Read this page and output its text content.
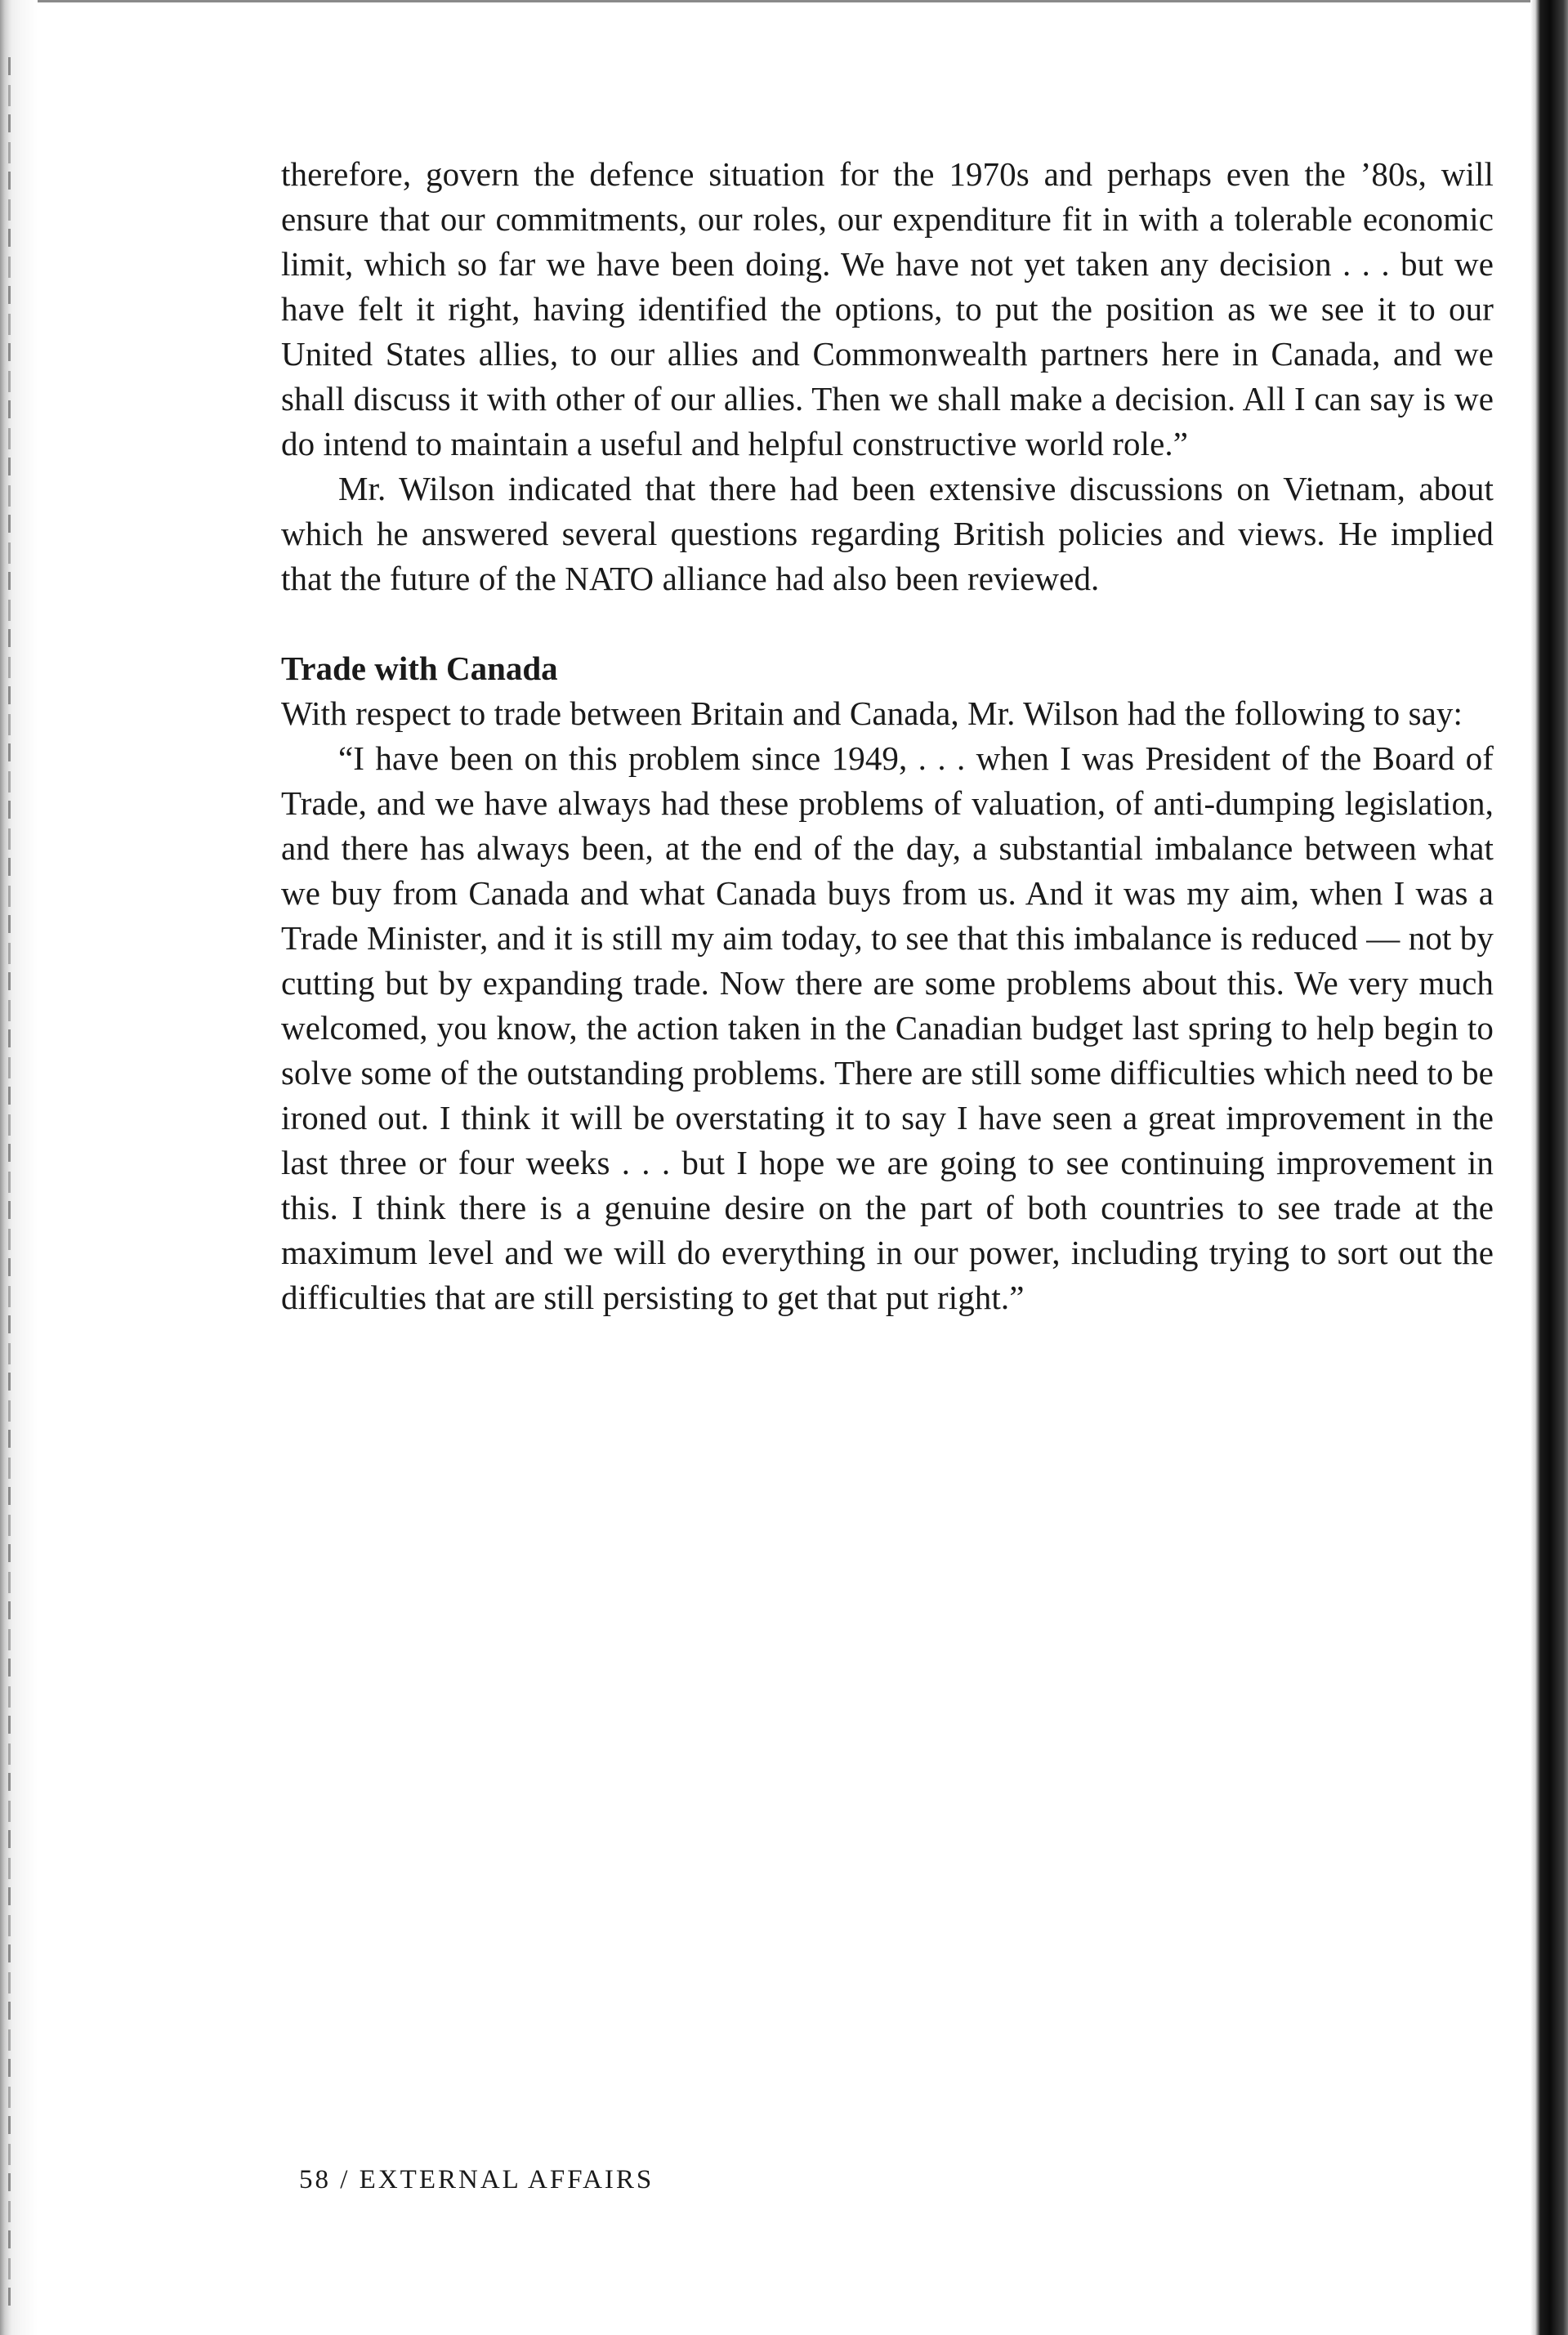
therefore, govern the defence situation for the 1970s and perhaps even the ’80s, will ensure that our commitments, our roles, our expenditure fit in with a tolerable economic limit, which so far we have been doing. We have not yet taken any decision . . . but we have felt it right, having identified the options, to put the position as we see it to our United States allies, to our allies and Commonwealth partners here in Canada, and we shall discuss it with other of our allies. Then we shall make a decision. All I can say is we do intend to maintain a useful and helpful constructive world role.”

Mr. Wilson indicated that there had been extensive discussions on Vietnam, about which he answered several questions regarding British policies and views. He implied that the future of the NATO alliance had also been reviewed.

Trade with Canada

With respect to trade between Britain and Canada, Mr. Wilson had the following to say:

“I have been on this problem since 1949, . . . when I was President of the Board of Trade, and we have always had these problems of valuation, of anti-dumping legislation, and there has always been, at the end of the day, a substantial imbalance between what we buy from Canada and what Canada buys from us. And it was my aim, when I was a Trade Minister, and it is still my aim today, to see that this imbalance is reduced — not by cutting but by expanding trade. Now there are some problems about this. We very much welcomed, you know, the action taken in the Canadian budget last spring to help begin to solve some of the outstanding problems. There are still some difficulties which need to be ironed out. I think it will be overstating it to say I have seen a great improvement in the last three or four weeks . . . but I hope we are going to see continuing improvement in this. I think there is a genuine desire on the part of both countries to see trade at the maximum level and we will do everything in our power, including trying to sort out the difficulties that are still persisting to get that put right.”

58 / EXTERNAL AFFAIRS
